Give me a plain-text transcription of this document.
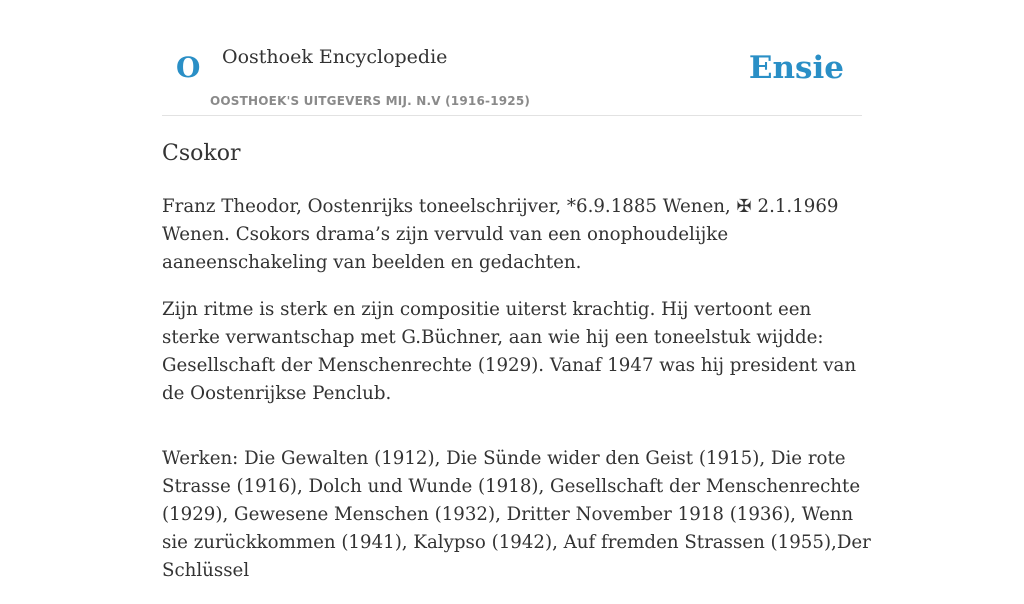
O Oosthoek Encyclopedie
OOSTHOEK'S UITGEVERS MIJ. N.V (1916-1925)
Ensie
Csokor

Franz Theodor, Oostenrijks toneelschrijver, *6.9.1885 Wenen, ✠ 2.1.1969 Wenen. Csokors drama’s zijn vervuld van een onophoudelijke aaneenschakeling van beelden en gedachten.

Zijn ritme is sterk en zijn compositie uiterst krachtig. Hij vertoont een sterke verwantschap met G.Büchner, aan wie hij een toneelstuk wijdde: Gesellschaft der Menschenrechte (1929). Vanaf 1947 was hij president van de Oostenrijkse Penclub.

Werken: Die Gewalten (1912), Die Sünde wider den Geist (1915), Die rote Strasse (1916), Dolch und Wunde (1918), Gesellschaft der Menschenrechte (1929), Gewesene Menschen (1932), Dritter November 1918 (1936), Wenn sie zurückkommen (1941), Kalypso (1942), Auf fremden Strassen (1955),Der Schlüssel
